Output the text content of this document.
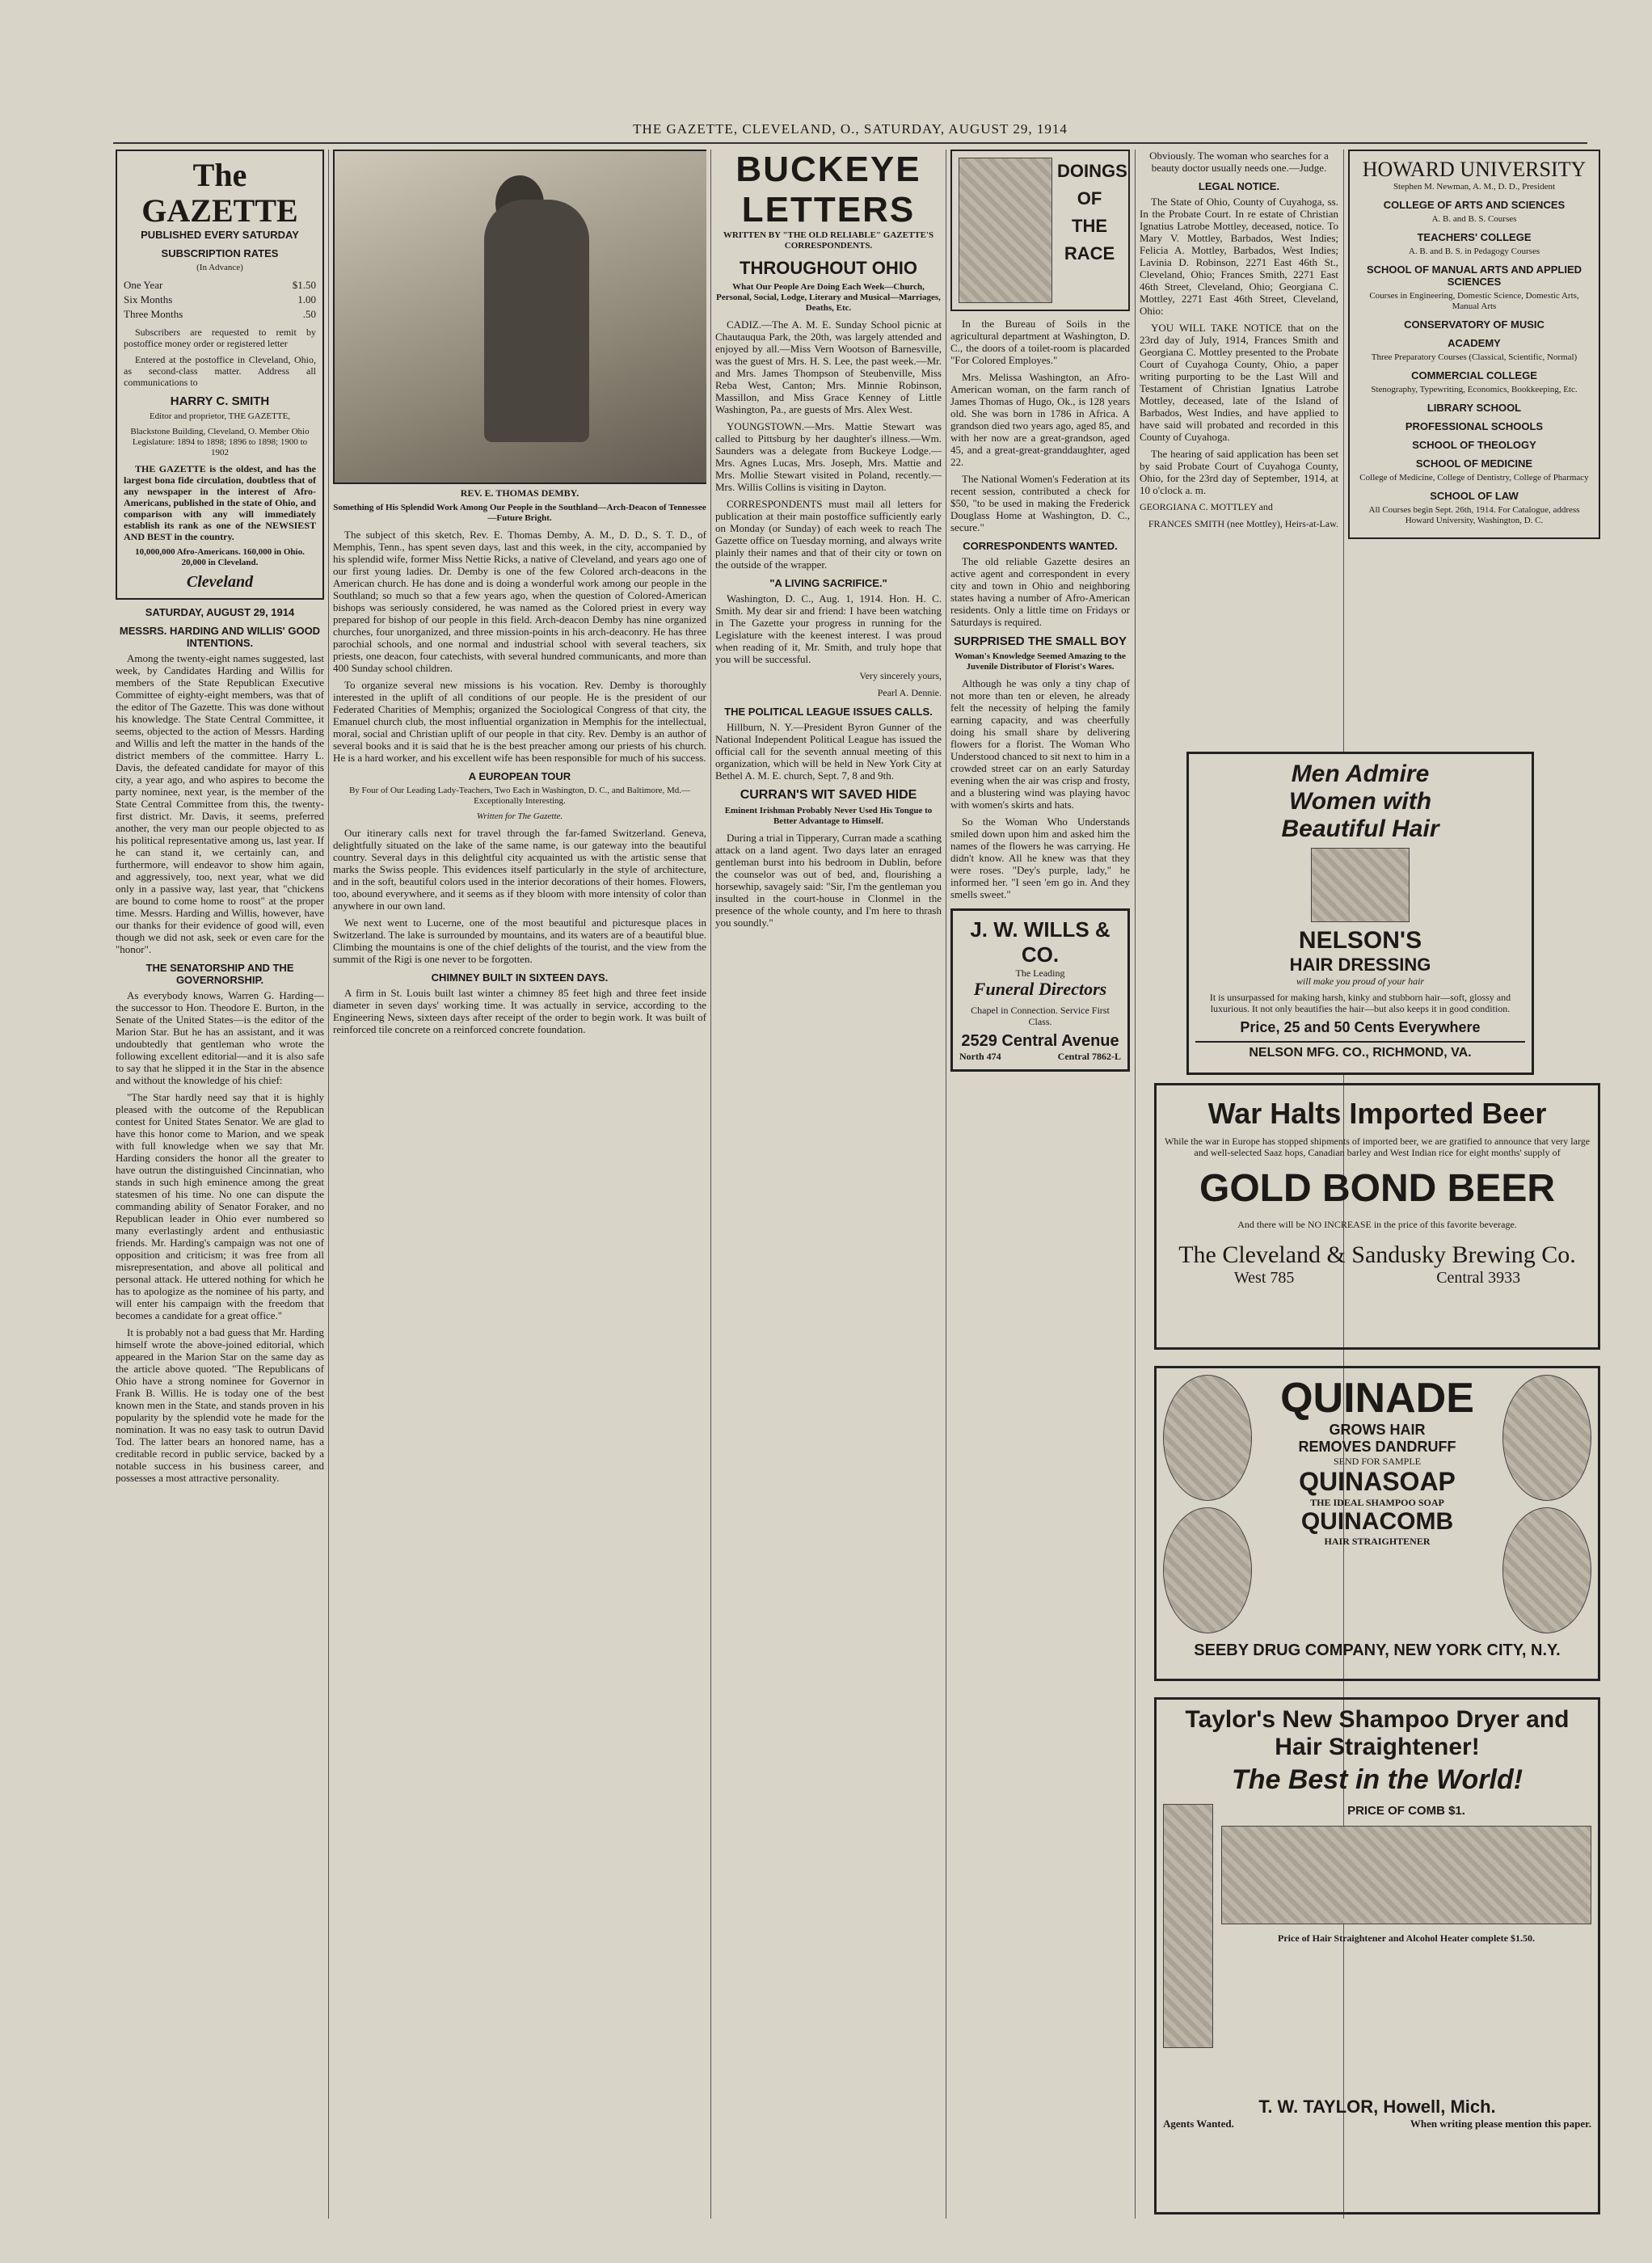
THE GAZETTE, CLEVELAND, O., SATURDAY, AUGUST 29, 1914
The GAZETTE
PUBLISHED EVERY SATURDAY
SUBSCRIPTION RATES
(In Advance)
One Year	$1.50
Six Months	1.00
Three Months	.50

Subscribers are requested to remit by postoffice money order or registered letter

Entered at the postoffice in Cleveland, Ohio, as second-class matter. Address all communications to

HARRY C. SMITH
Editor and proprietor, THE GAZETTE,
Blackstone Building, Cleveland, O. Member Ohio Legislature: 1894 to 1898; 1896 to 1898; 1900 to 1902

THE GAZETTE is the oldest, and has the largest bona fide circulation, doubtless that of any newspaper in the interest of Afro-Americans, published in the state of Ohio, and comparison with any will immediately establish its rank as one of the NEWSIEST AND BEST in the country.

10,000,000 Afro-Americans. 160,000 in Ohio. 20,000 in Cleveland.
Cleveland
SATURDAY, AUGUST 29, 1914
MESSRS. HARDING AND WILLIS' GOOD INTENTIONS.

Among the twenty-eight names suggested, last week, by Candidates Harding and Willis for members of the State Republican Executive Committee of eighty-eight members, was that of the editor of The Gazette. This was done without his knowledge. The State Central Committee, it seems, objected to the action of Messrs. Harding and Willis and left the matter in the hands of the district members of the committee. Harry L. Davis, the defeated candidate for mayor of this city, a year ago, and who aspires to become the party nominee, next year, is the member of the State Central Committee from this, the twenty-first district. Mr. Davis, it seems, preferred another, the very man our people objected to as his political representative among us, last year. If he can stand it, we certainly can, and furthermore, will endeavor to show him again, and aggressively, too, next year, what we did only in a passive way, last year, that "chickens are bound to come home to roost" at the proper time. Messrs. Harding and Willis, however, have our thanks for their evidence of good will, even though we did not ask, seek or even care for the "honor".

THE SENATORSHIP AND THE GOVERNORSHIP.

As everybody knows, Warren G. Harding—the successor to Hon. Theodore E. Burton, in the Senate of the United States—is the editor of the Marion Star. But he has an assistant, and it was undoubtedly that gentleman who wrote the following excellent editorial—and it is also safe to say that he slipped it in the Star in the absence and without the knowledge of his chief:

"The Star hardly need say that it is highly pleased with the outcome of the Republican contest for United States Senator. We are glad to have this honor come to Marion, and we speak with full knowledge when we say that Mr. Harding considers the honor all the greater to have outrun the distinguished Cincinnatian, who stands in such high eminence among the great statesmen of his time. No one can dispute the commanding ability of Senator Foraker, and no Republican leader in Ohio ever numbered so many everlastingly ardent and enthusiastic friends. Mr. Harding's campaign was not one of opposition and criticism; it was free from all misrepresentation, and above all political and personal attack. He uttered nothing for which he has to apologize as the nominee of his party, and will enter his campaign with the freedom that becomes a candidate for a great office."

It is probably not a bad guess that Mr. Harding himself wrote the above-joined editorial, which appeared in the Marion Star on the same day as the article above quoted. "The Republicans of Ohio have a strong nominee for Governor in Frank B. Willis. He is today one of the best known men in the State, and stands proven in his popularity by the splendid vote he made for the nomination. It was no easy task to outrun David Tod. The latter bears an honored name, has a creditable record in public service, backed by a notable success in his business career, and possesses a most attractive personality.

REV. E. THOMAS DEMBY.
Something of His Splendid Work Among Our People in the Southland—Arch-Deacon of Tennessee—Future Bright.

The subject of this sketch, Rev. E. Thomas Demby, A. M., D. D., S. T. D., of Memphis, Tenn., has spent seven days, last and this week, in the city, accompanied by his splendid wife, former Miss Nettie Ricks, a native of Cleveland, and years ago one of our first young ladies. Dr. Demby is one of the few Colored arch-deacons in the American church. He has done and is doing a wonderful work among our people in the Southland; so much so that a few years ago, when the question of Colored-American bishops was seriously considered, he was named as the Colored priest in every way prepared for bishop of our people in this field. Arch-deacon Demby has nine organized churches, four unorganized, and three mission-points in his arch-deaconry. He has three parochial schools, and one normal and industrial school with several teachers, six priests, one deacon, four catechists, with several hundred communicants, and more than 400 Sunday school children.

To organize several new missions is his vocation. Rev. Demby is thoroughly interested in the uplift of all conditions of our people. He is the president of our Federated Charities of Memphis; organized the Sociological Congress of that city, the Emanuel church club, the most influential organization in Memphis for the intellectual, moral, social and Christian uplift of our people in that city. Rev. Demby is an author of several books and it is said that he is the best preacher among our priests of his church. He is a hard worker, and his excellent wife has been responsible for much of his success.

A EUROPEAN TOUR
By Four of Our Leading Lady-Teachers, Two Each in Washington, D. C., and Baltimore, Md.—Exceptionally Interesting.
Written for The Gazette.

Our itinerary calls next for travel through the far-famed Switzerland. Geneva, delightfully situated on the lake of the same name, is our gateway into the beautiful country. Several days in this delightful city acquainted us with the artistic sense that marks the Swiss people. This evidences itself particularly in the style of architecture, and in the soft, beautiful colors used in the interior decorations of their homes. Flowers, too, abound everywhere, and it seems as if they bloom with more intensity of color than anywhere in our own land.

We next went to Lucerne, one of the most beautiful and picturesque places in Switzerland. The lake is surrounded by mountains, and its waters are of a beautiful blue. Climbing the mountains is one of the chief delights of the tourist, and the view from the summit of the Rigi is one never to be forgotten.

CHIMNEY BUILT IN SIXTEEN DAYS.

A firm in St. Louis built last winter a chimney 85 feet high and three feet inside diameter in seven days' working time. It was actually in service, according to the Engineering News, sixteen days after receipt of the order to begin work. It was built of reinforced tile concrete on a reinforced concrete foundation.

BUCKEYE LETTERS
WRITTEN BY "THE OLD RELIABLE" GAZETTE'S CORRESPONDENTS.
THROUGHOUT OHIO
What Our People Are Doing Each Week—Church, Personal, Social, Lodge, Literary and Musical—Marriages, Deaths, Etc.

CADIZ.—The A. M. E. Sunday School picnic at Chautauqua Park, the 20th, was largely attended and enjoyed by all.—Miss Vern Wootson of Barnesville, was the guest of Mrs. H. S. Lee, the past week.—Mr. and Mrs. James Thompson of Steubenville, Miss Reba West, Canton; Mrs. Minnie Robinson, Massillon, and Miss Grace Kenney of Little Washington, Pa., are guests of Mrs. Alex West.

YOUNGSTOWN.—Mrs. Mattie Stewart was called to Pittsburg by her daughter's illness.—Wm. Saunders was a delegate from Buckeye Lodge.—Mrs. Agnes Lucas, Mrs. Joseph, Mrs. Mattie and Mrs. Mollie Stewart visited in Poland, recently.—Mrs. Willis Collins is visiting in Dayton.

CORRESPONDENTS must mail all letters for publication at their main postoffice sufficiently early on Monday (or Sunday) of each week to reach The Gazette office on Tuesday morning, and always write plainly their names and that of their city or town on the outside of the wrapper.

"A LIVING SACRIFICE."

Washington, D. C., Aug. 1, 1914. Hon. H. C. Smith. My dear sir and friend: I have been watching in The Gazette your progress in running for the Legislature with the keenest interest. I was proud when reading of it, Mr. Smith, and truly hope that you will be successful.

Very sincerely yours,
Pearl A. Dennie.
THE POLITICAL LEAGUE ISSUES CALLS.

Hillburn, N. Y.—President Byron Gunner of the National Independent Political League has issued the official call for the seventh annual meeting of this organization, which will be held in New York City at Bethel A. M. E. church, Sept. 7, 8 and 9th.

CURRAN'S WIT SAVED HIDE
Eminent Irishman Probably Never Used His Tongue to Better Advantage to Himself.

During a trial in Tipperary, Curran made a scathing attack on a land agent. Two days later an enraged gentleman burst into his bedroom in Dublin, before the counselor was out of bed, and, flourishing a horsewhip, savagely said: "Sir, I'm the gentleman you insulted in the court-house in Clonmel in the presence of the whole county, and I'm here to thrash you soundly."

DOINGS OF THE RACE

In the Bureau of Soils in the agricultural department at Washington, D. C., the doors of a toilet-room is placarded "For Colored Employes."

Mrs. Melissa Washington, an Afro-American woman, on the farm ranch of James Thomas of Hugo, Ok., is 128 years old. She was born in 1786 in Africa. A grandson died two years ago, aged 85, and with her now are a great-grandson, aged 45, and a great-great-granddaughter, aged 22.

The National Women's Federation at its recent session, contributed a check for $50, "to be used in making the Frederick Douglass Home at Washington, D. C., secure."

CORRESPONDENTS WANTED.

The old reliable Gazette desires an active agent and correspondent in every city and town in Ohio and neighboring states having a number of Afro-American residents. Only a little time on Fridays or Saturdays is required.

SURPRISED THE SMALL BOY
Woman's Knowledge Seemed Amazing to the Juvenile Distributor of Florist's Wares.

Although he was only a tiny chap of not more than ten or eleven, he already felt the necessity of helping the family earning capacity, and was cheerfully doing his small share by delivering flowers for a florist. The Woman Who Understood chanced to sit next to him in a crowded street car on an early Saturday evening when the air was crisp and frosty, and a blustering wind was playing havoc with women's skirts and hats.

So the Woman Who Understands smiled down upon him and asked him the names of the flowers he was carrying. He didn't know. All he knew was that they were roses. "Dey's purple, lady," he informed her. "I seen 'em go in. And they smells sweet."

J. W. WILLS & CO.
The Leading
Funeral Directors
Chapel in Connection. Service First Class.
2529 Central Avenue
North 474	Central 7862-L

Obviously. The woman who searches for a beauty doctor usually needs one.—Judge.

LEGAL NOTICE.

The State of Ohio, County of Cuyahoga, ss. In the Probate Court. In re estate of Christian Ignatius Latrobe Mottley, deceased, notice. To Mary V. Mottley, Barbados, West Indies; Felicia A. Mottley, Barbados, West Indies; Lavinia D. Robinson, 2271 East 46th St., Cleveland, Ohio; Frances Smith, 2271 East 46th Street, Cleveland, Ohio; Georgiana C. Mottley, 2271 East 46th Street, Cleveland, Ohio:

YOU WILL TAKE NOTICE that on the 23rd day of July, 1914, Frances Smith and Georgiana C. Mottley presented to the Probate Court of Cuyahoga County, Ohio, a paper writing purporting to be the Last Will and Testament of Christian Ignatius Latrobe Mottley, deceased, late of the Island of Barbados, West Indies, and have applied to have said will probated and recorded in this County of Cuyahoga.

The hearing of said application has been set by said Probate Court of Cuyahoga County, Ohio, for the 23rd day of September, 1914, at 10 o'clock a. m.

GEORGIANA C. MOTTLEY and
FRANCES SMITH (nee Mottley), Heirs-at-Law.
Men Admire Women with Beautiful Hair
NELSON'S
HAIR DRESSING
will make you proud of your hair
It is unsurpassed for making harsh, kinky and stubborn hair—soft, glossy and luxurious. It not only beautifies the hair—but also keeps it in good condition.
Price, 25 and 50 Cents Everywhere
NELSON MFG. CO., RICHMOND, VA.
HOWARD UNIVERSITY
Stephen M. Newman, A. M., D. D., President
COLLEGE OF ARTS AND SCIENCES
A. B. and B. S. Courses
TEACHERS' COLLEGE
A. B. and B. S. in Pedagogy Courses
SCHOOL OF MANUAL ARTS AND APPLIED SCIENCES
Courses in Engineering, Domestic Science, Domestic Arts, Manual Arts
CONSERVATORY OF MUSIC
ACADEMY
Three Preparatory Courses (Classical, Scientific, Normal)
COMMERCIAL COLLEGE
Stenography, Typewriting, Economics, Bookkeeping, Etc.
LIBRARY SCHOOL
PROFESSIONAL SCHOOLS
SCHOOL OF THEOLOGY
SCHOOL OF MEDICINE
College of Medicine, College of Dentistry, College of Pharmacy
SCHOOL OF LAW
All Courses begin Sept. 26th, 1914. For Catalogue, address Howard University, Washington, D. C.
War Halts Imported Beer
While the war in Europe has stopped shipments of imported beer, we are gratified to announce that very large and well-selected Saaz hops, Canadian barley and West Indian rice for eight months' supply of
GOLD BOND BEER
And there will be NO INCREASE in the price of this favorite beverage.
The Cleveland & Sandusky Brewing Co.
West 785	Central 3933
QUINADE
GROWS HAIR
REMOVES DANDRUFF
SEND FOR SAMPLE
QUINASOAP
THE IDEAL SHAMPOO SOAP
QUINACOMB
HAIR STRAIGHTENER
SEEBY DRUG COMPANY, NEW YORK CITY, N.Y.
Taylor's New Shampoo Dryer and Hair Straightener!
The Best in the World!
PRICE OF COMB $1.
Price of Hair Straightener and Alcohol Heater complete $1.50.
T. W. TAYLOR, Howell, Mich.
Agents Wanted.	When writing please mention this paper.
